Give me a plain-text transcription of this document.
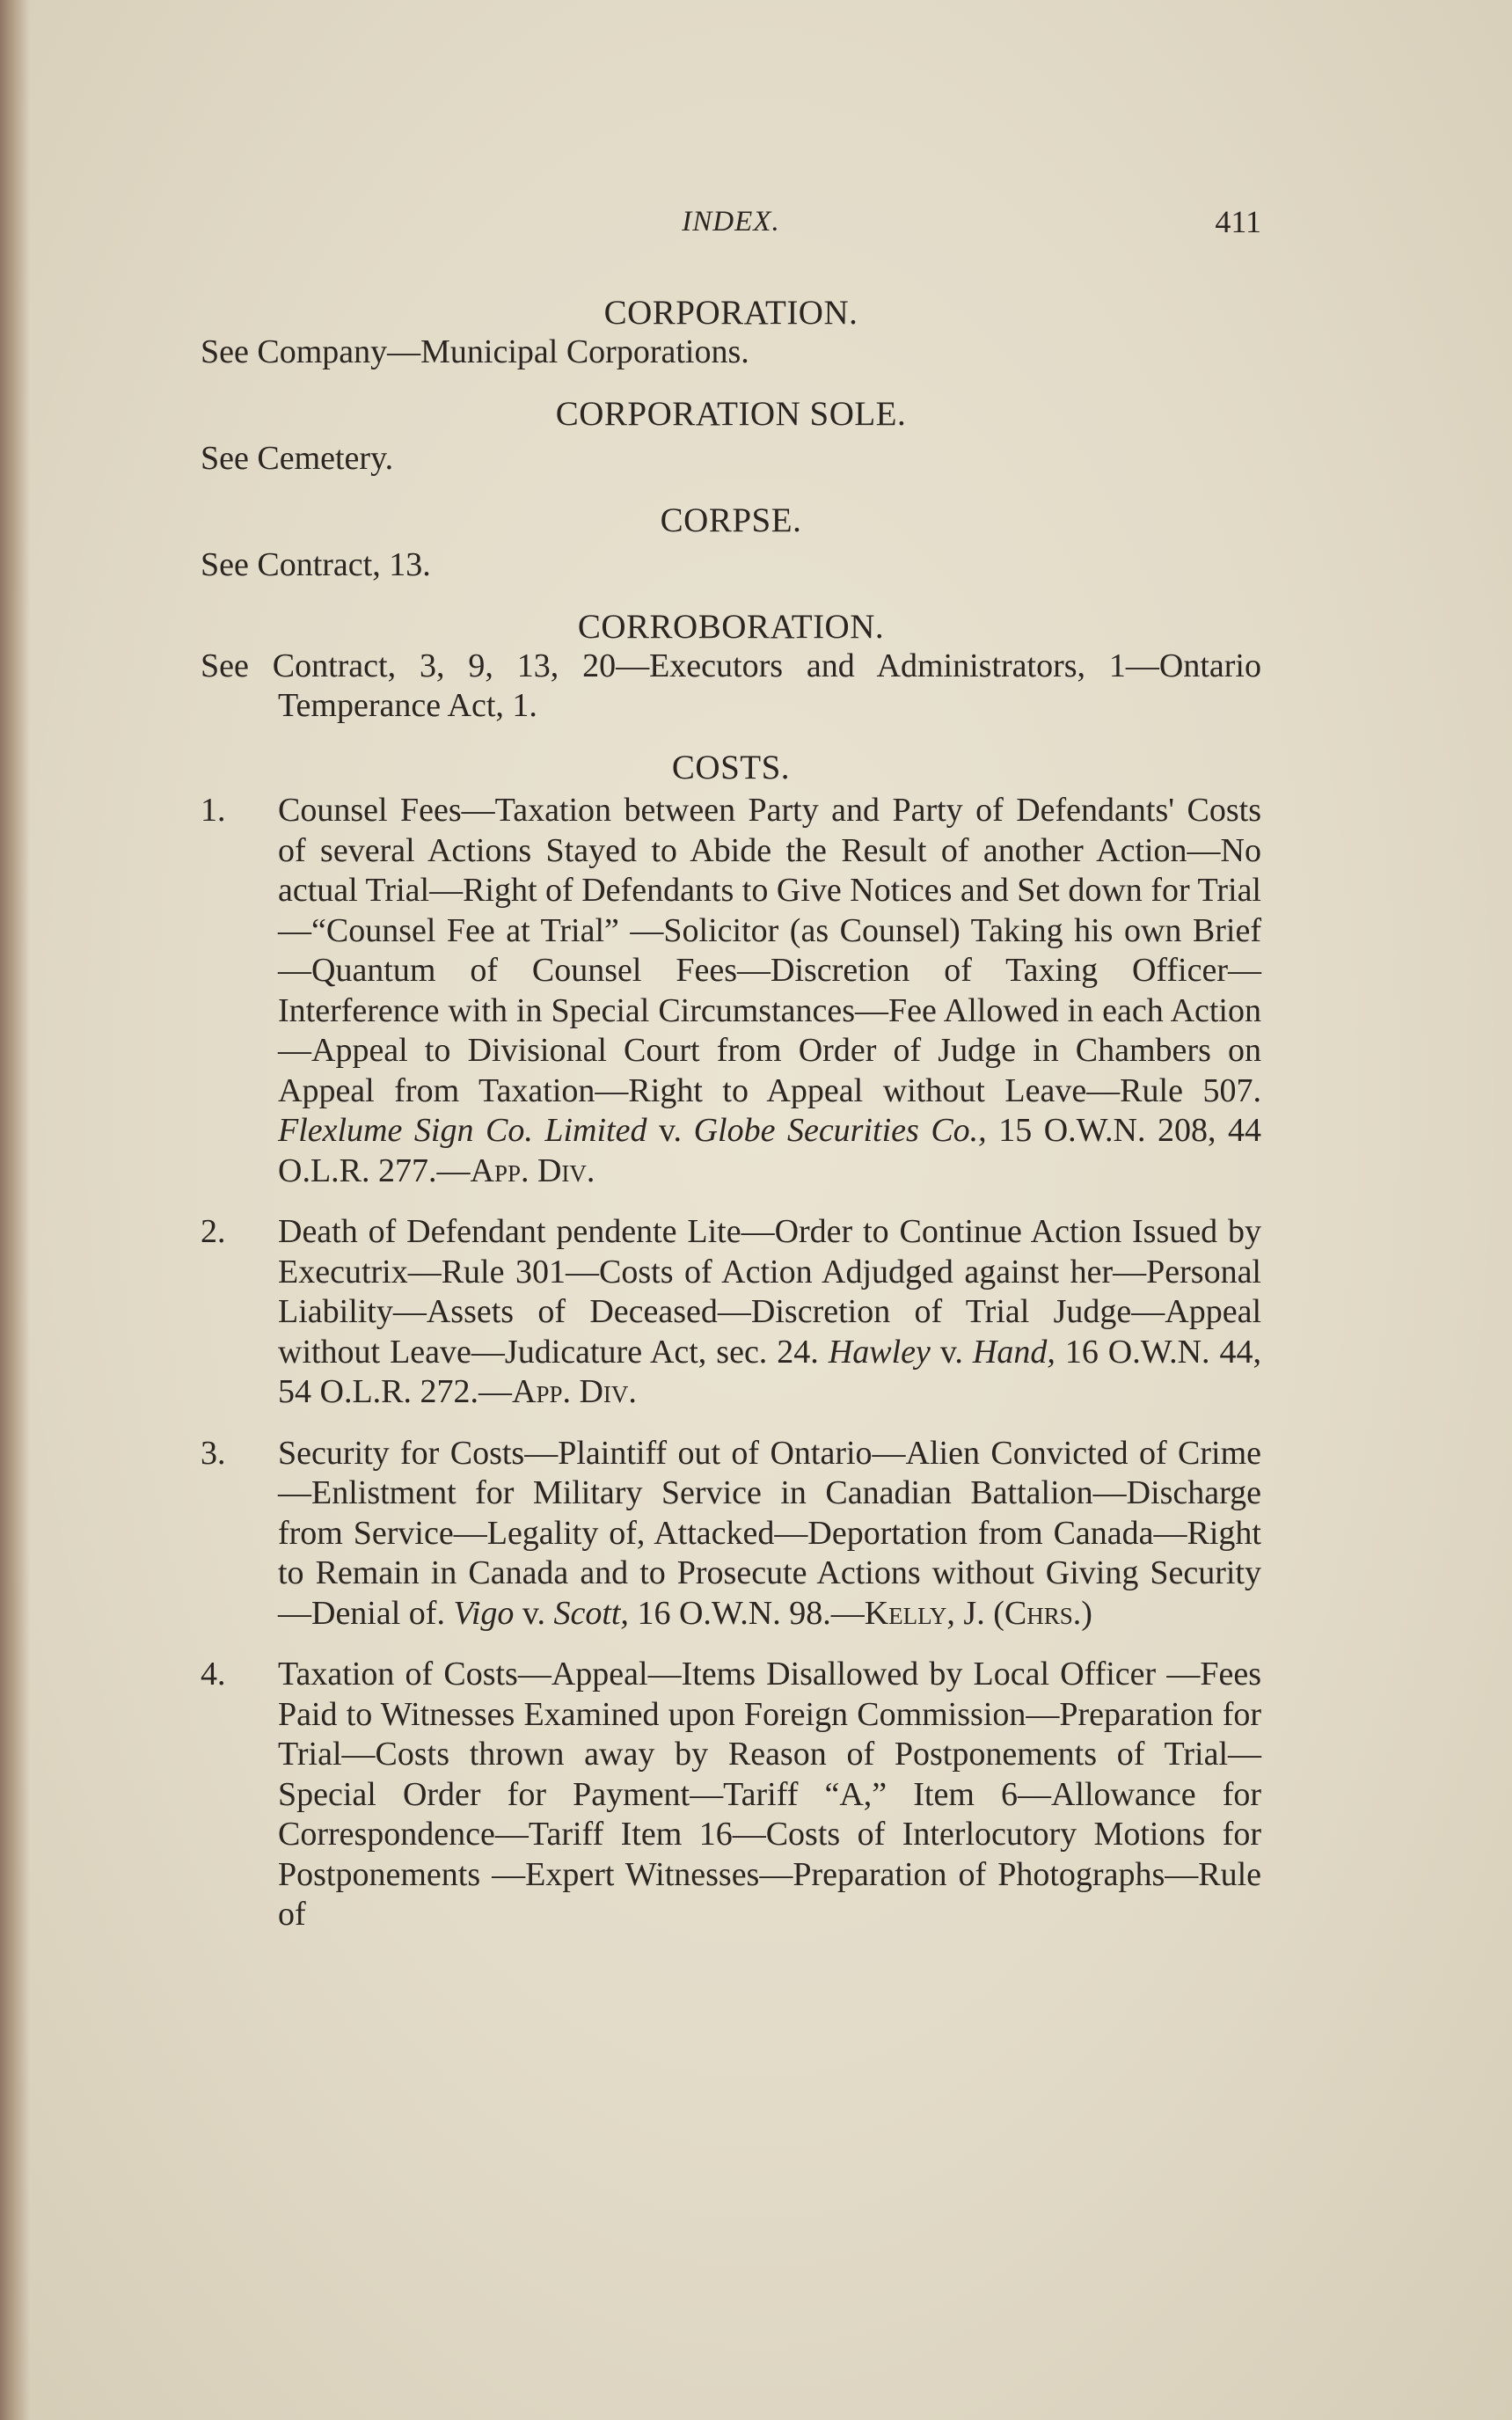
INDEX.	411
CORPORATION.
See Company—Municipal Corporations.
CORPORATION SOLE.
See Cemetery.
CORPSE.
See Contract, 13.
CORROBORATION.
See Contract, 3, 9, 13, 20—Executors and Administrators, 1—Ontario Temperance Act, 1.
COSTS.
1. Counsel Fees—Taxation between Party and Party of Defendants' Costs of several Actions Stayed to Abide the Result of another Action—No actual Trial—Right of Defendants to Give Notices and Set down for Trial—“Counsel Fee at Trial” —Solicitor (as Counsel) Taking his own Brief—Quantum of Counsel Fees—Discretion of Taxing Officer—Interference with in Special Circumstances—Fee Allowed in each Action—Appeal to Divisional Court from Order of Judge in Chambers on Appeal from Taxation—Right to Appeal without Leave—Rule 507. Flexlume Sign Co. Limited v. Globe Securities Co., 15 O.W.N. 208, 44 O.L.R. 277.—App. Div.
2. Death of Defendant pendente Lite—Order to Continue Action Issued by Executrix—Rule 301—Costs of Action Adjudged against her—Personal Liability—Assets of Deceased—Discretion of Trial Judge—Appeal without Leave—Judicature Act, sec. 24. Hawley v. Hand, 16 O.W.N. 44, 54 O.L.R. 272.—App. Div.
3. Security for Costs—Plaintiff out of Ontario—Alien Convicted of Crime—Enlistment for Military Service in Canadian Battalion—Discharge from Service—Legality of, Attacked—Deportation from Canada—Right to Remain in Canada and to Prosecute Actions without Giving Security—Denial of. Vigo v. Scott, 16 O.W.N. 98.—Kelly, J. (Chrs.)
4. Taxation of Costs—Appeal—Items Disallowed by Local Officer —Fees Paid to Witnesses Examined upon Foreign Commission—Preparation for Trial—Costs thrown away by Reason of Postponements of Trial—Special Order for Payment—Tariff “A,” Item 6—Allowance for Correspondence—Tariff Item 16—Costs of Interlocutory Motions for Postponements —Expert Witnesses—Preparation of Photographs—Rule of
